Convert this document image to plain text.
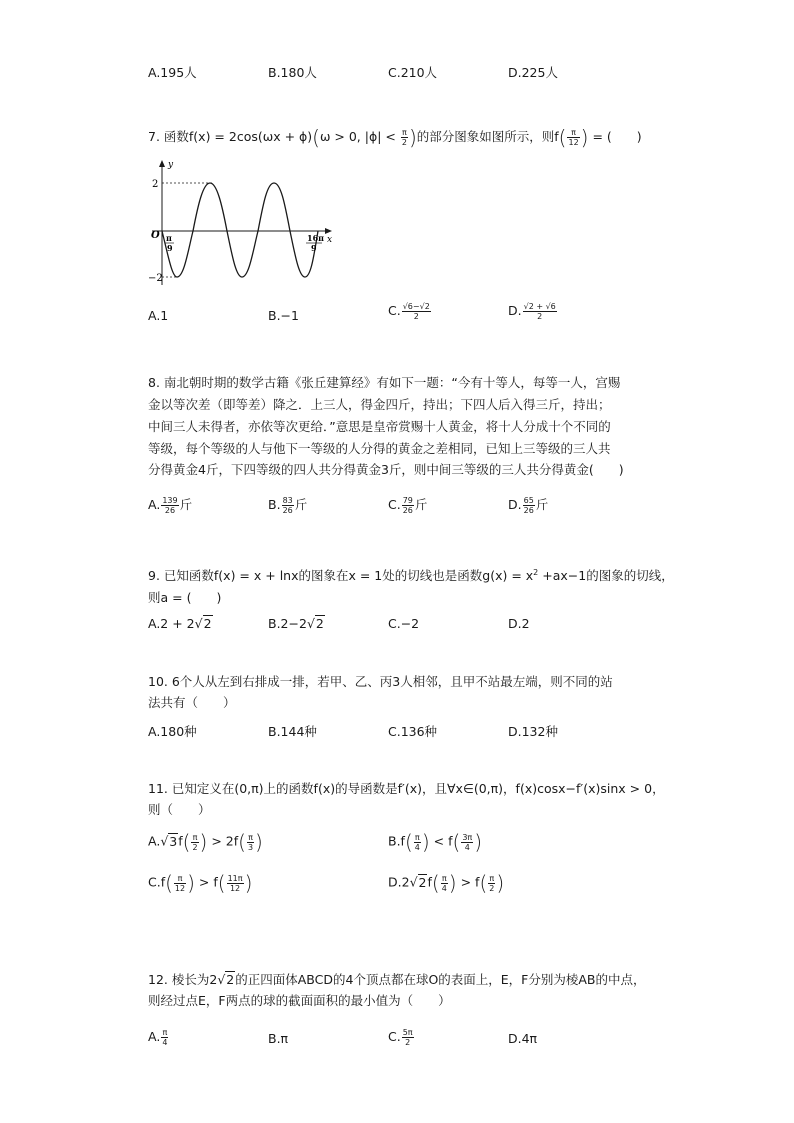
A.195人	B.180人	C.210人	D.225人
7. 函数f(x) = 2cos(ωx + ϕ)(ω > 0, $|\phi| < \frac{\pi}{2}$ )的部分图象如图所示，则$f( \frac{\pi}{12}$ ) = (　　)
y
x
O
2
−2
π
9
16π
9
A.1	B.−1	C. $\frac{√6-√2}{2}$	D. $\frac{√2 + √6}{2}$
8. 南北朝时期的数学古籍《张丘建算经》有如下一题：“今有十等人，每等一人，宫赐
金以等次差（即等差）降之．上三人，得金四斤，持出；下四人后入得三斤，持出；
中间三人未得者，亦依等次更给．”意思是皇帝赏赐十人黄金，将十人分成十个不同的
等级，每个等级的人与他下一等级的人分得的黄金之差相同，已知上三等级的三人共
分得黄金4斤，下四等级的四人共分得黄金3斤，则中间三等级的三人共分得黄金(　　)
A. $\frac{139}{26}$ 斤	B. $\frac{83}{26}$ 斤	C. $\frac{79}{26}$ 斤	D. $\frac{65}{26}$ 斤
9. 已知函数f(x) = x + lnx的图象在x = 1处的切线也是函数$g(x) = x^2 +ax-1$的图象的切线，
则a = (　　)
A.2 + 2√2	B.2−2√2	C.−2	D.2
10. 6个人从左到右排成一排，若甲、乙、丙3人相邻，且甲不站最左端，则不同的站
法共有（　　）
A.180种	B.144种	C.136种	D.132种
11. 已知定义在(0,π)上的函数f(x)的导函数是f′(x)，且∀x∈(0,π)，f(x)cosx−f′(x)sinx > 0，
则（　　）
$A.√3f( \frac{\pi}{2}$ ) > $2f( \frac{\pi}{3}$ )	$B.f( \frac{\pi}{4}$ ) < $f( \frac{3\pi}{4}$ )
$C.f( \frac{\pi}{12}$ ) > $f( \frac{11\pi}{12}$ )	$D.2√2f( \frac{\pi}{4}$ ) > $f( \frac{\pi}{2}$ )
12. 棱长为2√2的正四面体ABCD的4个顶点都在球O的表面上，E，F分别为棱AB的中点，
则经过点E，F两点的球的截面面积的最小值为（　　）
A. $\frac{\pi}{4}$	B.π	C. $\frac{5\pi}{2}$	D.4π
